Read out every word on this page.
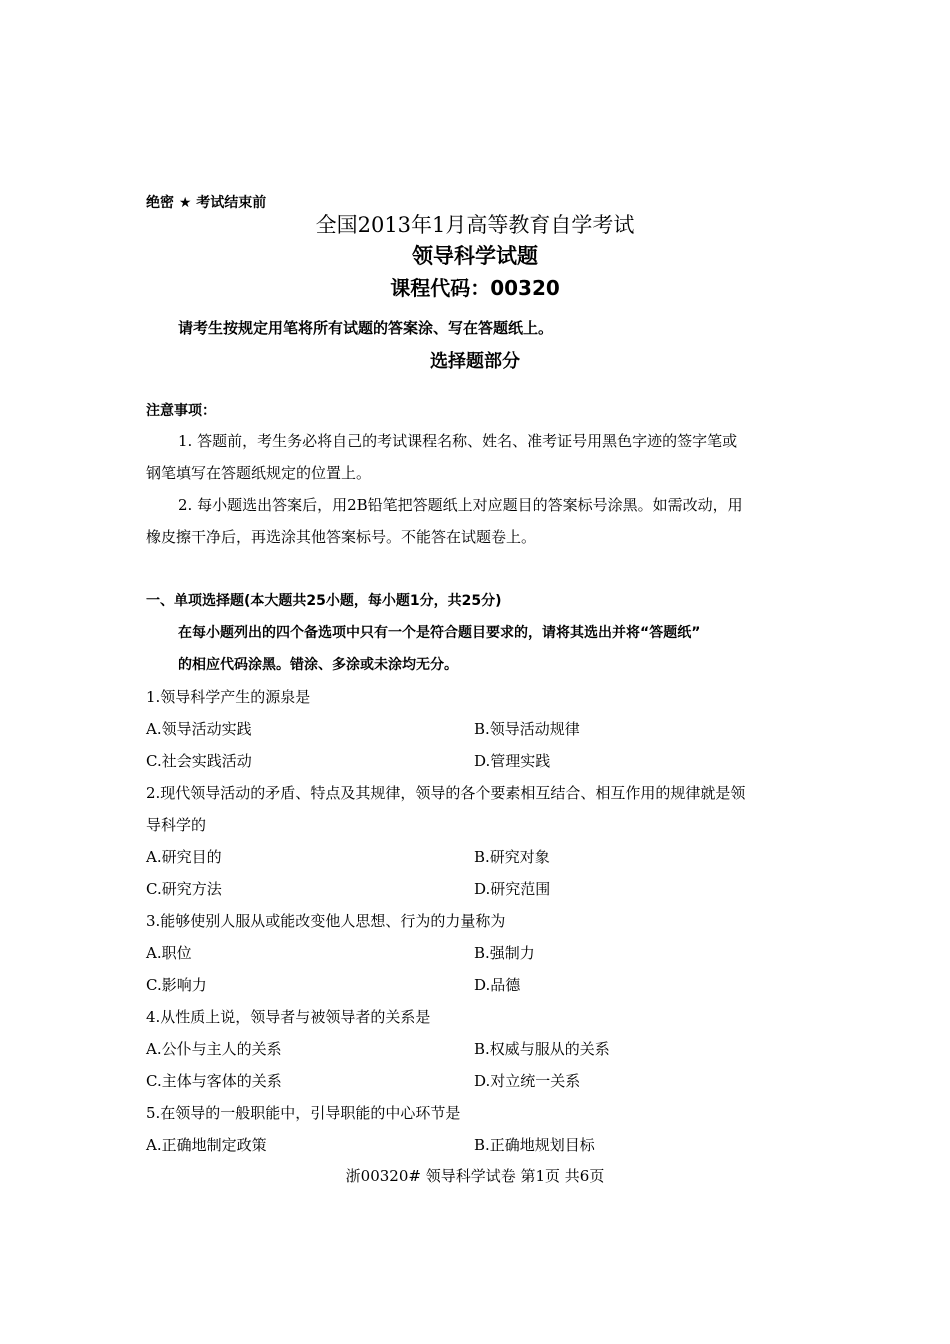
绝密 ★ 考试结束前
全国2013年1月高等教育自学考试
领导科学试题
课程代码：00320
请考生按规定用笔将所有试题的答案涂、写在答题纸上。
选择题部分
注意事项：
1. 答题前，考生务必将自己的考试课程名称、姓名、准考证号用黑色字迹的签字笔或
钢笔填写在答题纸规定的位置上。
2. 每小题选出答案后，用2B铅笔把答题纸上对应题目的答案标号涂黑。如需改动，用
橡皮擦干净后，再选涂其他答案标号。不能答在试题卷上。
一、单项选择题(本大题共25小题，每小题1分，共25分)
在每小题列出的四个备选项中只有一个是符合题目要求的，请将其选出并将“答题纸”
的相应代码涂黑。错涂、多涂或未涂均无分。
1.领导科学产生的源泉是
A.领导活动实践	B.领导活动规律
C.社会实践活动	D.管理实践
2.现代领导活动的矛盾、特点及其规律，领导的各个要素相互结合、相互作用的规律就是领
导科学的
A.研究目的	B.研究对象
C.研究方法	D.研究范围
3.能够使别人服从或能改变他人思想、行为的力量称为
A.职位	B.强制力
C.影响力	D.品德
4.从性质上说，领导者与被领导者的关系是
A.公仆与主人的关系	B.权威与服从的关系
C.主体与客体的关系	D.对立统一关系
5.在领导的一般职能中，引导职能的中心环节是
A.正确地制定政策	B.正确地规划目标
浙00320# 领导科学试卷 第1页 共6页
